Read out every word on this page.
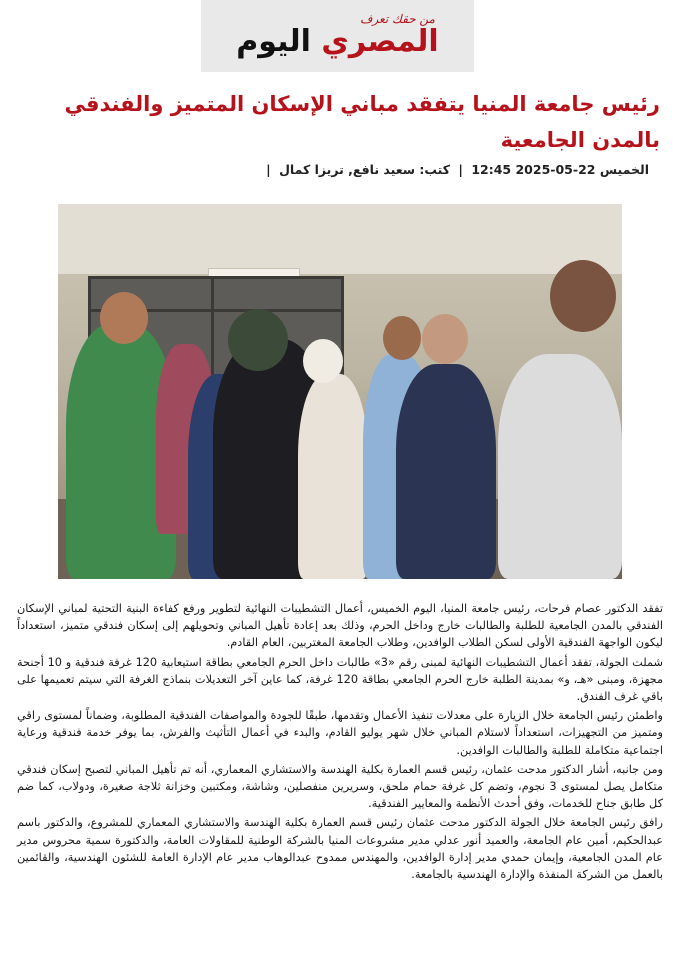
من حقك تعرف
المصري اليوم
رئيس جامعة المنيا يتفقد مباني الإسكان المتميز والفندقي بالمدن الجامعية
الخميس 22-05-2025 12:45 | كتب: سعيد نافع, تريزا كمال |

تفقد الدكتور عصام فرحات، رئيس جامعة المنيا، اليوم الخميس، أعمال التشطيبات النهائية لتطوير ورفع كفاءة البنية التحتية لمباني الإسكان الفندقي بالمدن الجامعية للطلبة والطالبات خارج وداخل الحرم، وذلك بعد إعادة تأهيل المباني وتحويلهم إلى إسكان فندقي متميز، استعداداً ليكون الواجهة الفندقية الأولى لسكن الطلاب الوافدين، وطلاب الجامعة المغتربين، العام القادم.

شملت الجولة، تفقد أعمال التشطيبات النهائية لمبنى رقم «3» طالبات داخل الحرم الجامعي بطاقة استيعابية 120 غرفة فندقية و 10 أجنحة مجهزة، ومبنى «هـ، و» بمدينة الطلبة خارج الحرم الجامعي بطاقة 120 غرفة، كما عاين آخر التعديلات بنماذج الغرفة التي سيتم تعميمها على باقي غرف الفندق.

واطمئن رئيس الجامعة خلال الزيارة على معدلات تنفيذ الأعمال وتقدمها، طبقًا للجودة والمواصفات الفندقية المطلوبة، وضماناً لمستوى راقي ومتميز من التجهيزات، استعداداً لاستلام المباني خلال شهر يوليو القادم، والبدء في أعمال التأثيث والفرش، بما يوفر خدمة فندقية ورعاية اجتماعية متكاملة للطلبة والطالبات الوافدين.

ومن جانبه، أشار الدكتور مدحت عثمان، رئيس قسم العمارة بكلية الهندسة والاستشاري المعماري، أنه تم تأهيل المباني لتصبح إسكان فندقي متكامل يصل لمستوى 3 نجوم، وتضم كل غرفة حمام ملحق، وسريرين منفصلين، وشاشة، ومكتبين وخزانة ثلاجة صغيرة، ودولاب، كما ضم كل طابق جناح للخدمات، وفق أحدث الأنظمة والمعايير الفندقية.

رافق رئيس الجامعة خلال الجولة الدكتور مدحت عثمان رئيس قسم العمارة بكلية الهندسة والاستشاري المعماري للمشروع، والدكتور باسم عبدالحكيم، أمين عام الجامعة، والعميد أنور عدلي مدير مشروعات المنيا بالشركة الوطنية للمقاولات العامة، والدكتورة سمية محروس مدير عام المدن الجامعية، وإيمان حمدي مدير إدارة الوافدين، والمهندس ممدوح عبدالوهاب مدير عام الإدارة العامة للشئون الهندسية، والقائمين بالعمل من الشركة المنفذة والإدارة الهندسية بالجامعة.
